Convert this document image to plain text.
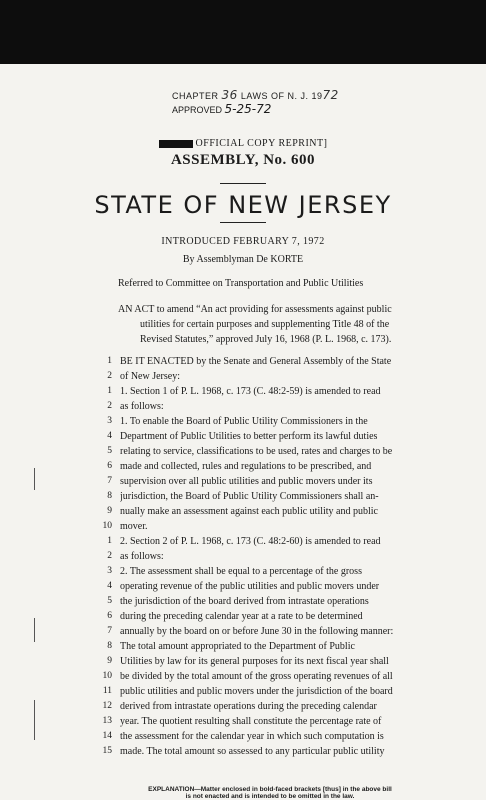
CHAPTER 36 LAWS OF N. J. 1972
APPROVED 5-25-72
OFFICIAL COPY REPRINT]
ASSEMBLY, No. 600
STATE OF NEW JERSEY
INTRODUCED FEBRUARY 7, 1972
By Assemblyman De KORTE
Referred to Committee on Transportation and Public Utilities
AN ACT to amend “An act providing for assessments against public
utilities for certain purposes and supplementing Title 48 of the
Revised Statutes,” approved July 16, 1968 (P. L. 1968, c. 173).
1 BE IT ENACTED by the Senate and General Assembly of the State
2 of New Jersey:
1 1. Section 1 of P. L. 1968, c. 173 (C. 48:2-59) is amended to read
2 as follows:
3 1. To enable the Board of Public Utility Commissioners in the
4 Department of Public Utilities to better perform its lawful duties
5 relating to service, classifications to be used, rates and charges to be
6 made and collected, rules and regulations to be prescribed, and
7 supervision over all public utilities and public movers under its
8 jurisdiction, the Board of Public Utility Commissioners shall an-
9 nually make an assessment against each public utility and public
10 mover.
1 2. Section 2 of P. L. 1968, c. 173 (C. 48:2-60) is amended to read
2 as follows:
3 2. The assessment shall be equal to a percentage of the gross
4 operating revenue of the public utilities and public movers under
5 the jurisdiction of the board derived from intrastate operations
6 during the preceding calendar year at a rate to be determined
7 annually by the board on or before June 30 in the following manner:
8 The total amount appropriated to the Department of Public
9 Utilities by law for its general purposes for its next fiscal year shall
10 be divided by the total amount of the gross operating revenues of all
11 public utilities and public movers under the jurisdiction of the board
12 derived from intrastate operations during the preceding calendar
13 year. The quotient resulting shall constitute the percentage rate of
14 the assessment for the calendar year in which such computation is
15 made. The total amount so assessed to any particular public utility
EXPLANATION—Matter enclosed in bold-faced brackets [thus] in the above bill
is not enacted and is intended to be omitted in the law.
